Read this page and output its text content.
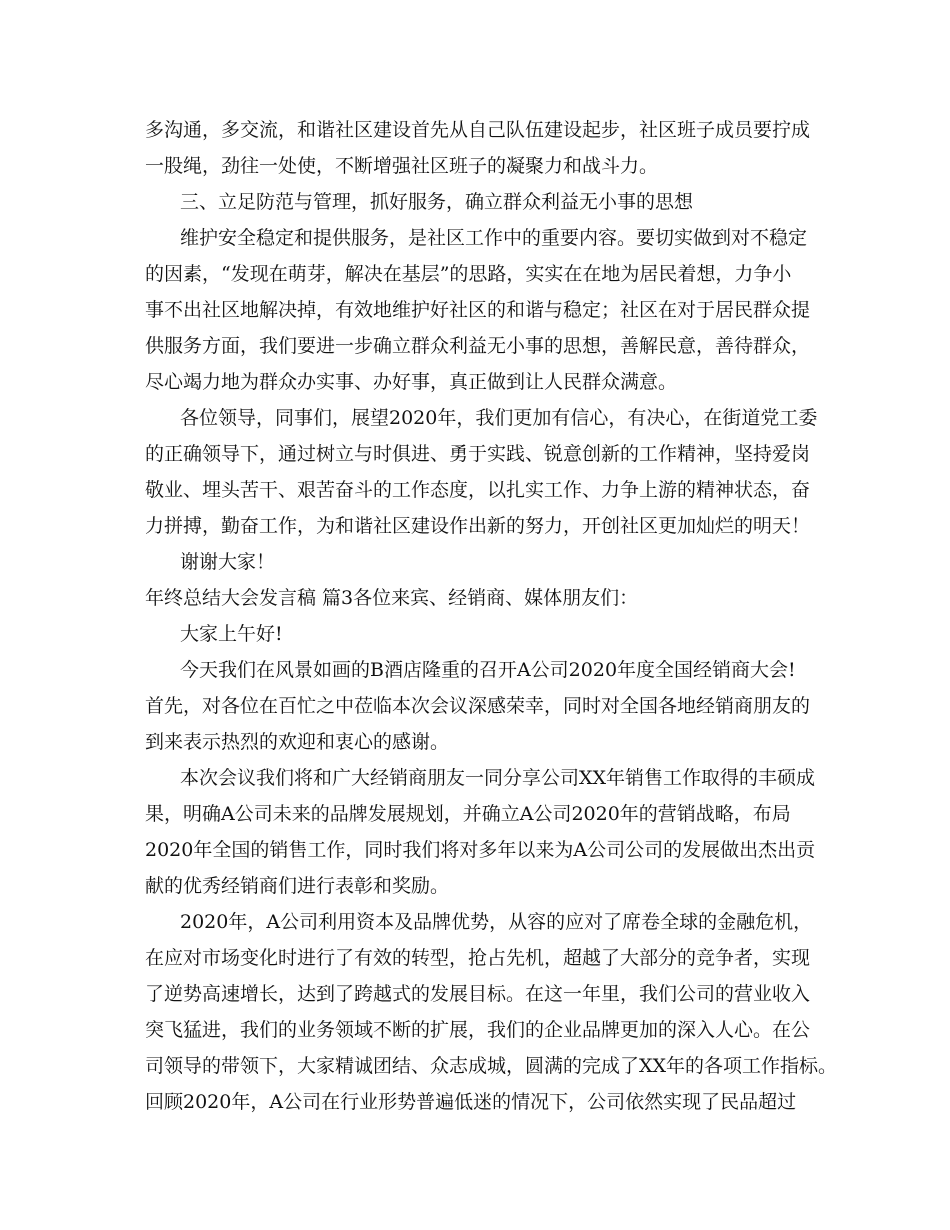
多沟通，多交流，和谐社区建设首先从自己队伍建设起步，社区班子成员要拧成
一股绳，劲往一处使，不断增强社区班子的凝聚力和战斗力。
三、立足防范与管理，抓好服务，确立群众利益无小事的思想
维护安全稳定和提供服务，是社区工作中的重要内容。要切实做到对不稳定
的因素，“发现在萌芽，解决在基层”的思路，实实在在地为居民着想，力争小
事不出社区地解决掉，有效地维护好社区的和谐与稳定；社区在对于居民群众提
供服务方面，我们要进一步确立群众利益无小事的思想，善解民意，善待群众，
尽心竭力地为群众办实事、办好事，真正做到让人民群众满意。
各位领导，同事们，展望2020年，我们更加有信心，有决心，在街道党工委
的正确领导下，通过树立与时俱进、勇于实践、锐意创新的工作精神，坚持爱岗
敬业、埋头苦干、艰苦奋斗的工作态度，以扎实工作、力争上游的精神状态，奋
力拼搏，勤奋工作，为和谐社区建设作出新的努力，开创社区更加灿烂的明天！
谢谢大家！
年终总结大会发言稿 篇3各位来宾、经销商、媒体朋友们：
大家上午好!
今天我们在风景如画的B酒店隆重的召开A公司2020年度全国经销商大会!
首先，对各位在百忙之中莅临本次会议深感荣幸，同时对全国各地经销商朋友的
到来表示热烈的欢迎和衷心的感谢。
本次会议我们将和广大经销商朋友一同分享公司XX年销售工作取得的丰硕成
果，明确A公司未来的品牌发展规划，并确立A公司2020年的营销战略，布局
2020年全国的销售工作，同时我们将对多年以来为A公司公司的发展做出杰出贡
献的优秀经销商们进行表彰和奖励。
2020年，A公司利用资本及品牌优势，从容的应对了席卷全球的金融危机，
在应对市场变化时进行了有效的转型，抢占先机，超越了大部分的竞争者，实现
了逆势高速增长，达到了跨越式的发展目标。在这一年里，我们公司的营业收入
突飞猛进，我们的业务领域不断的扩展，我们的企业品牌更加的深入人心。在公
司领导的带领下，大家精诚团结、众志成城，圆满的完成了XX年的各项工作指标。
回顾2020年，A公司在行业形势普遍低迷的情况下，公司依然实现了民品超过
